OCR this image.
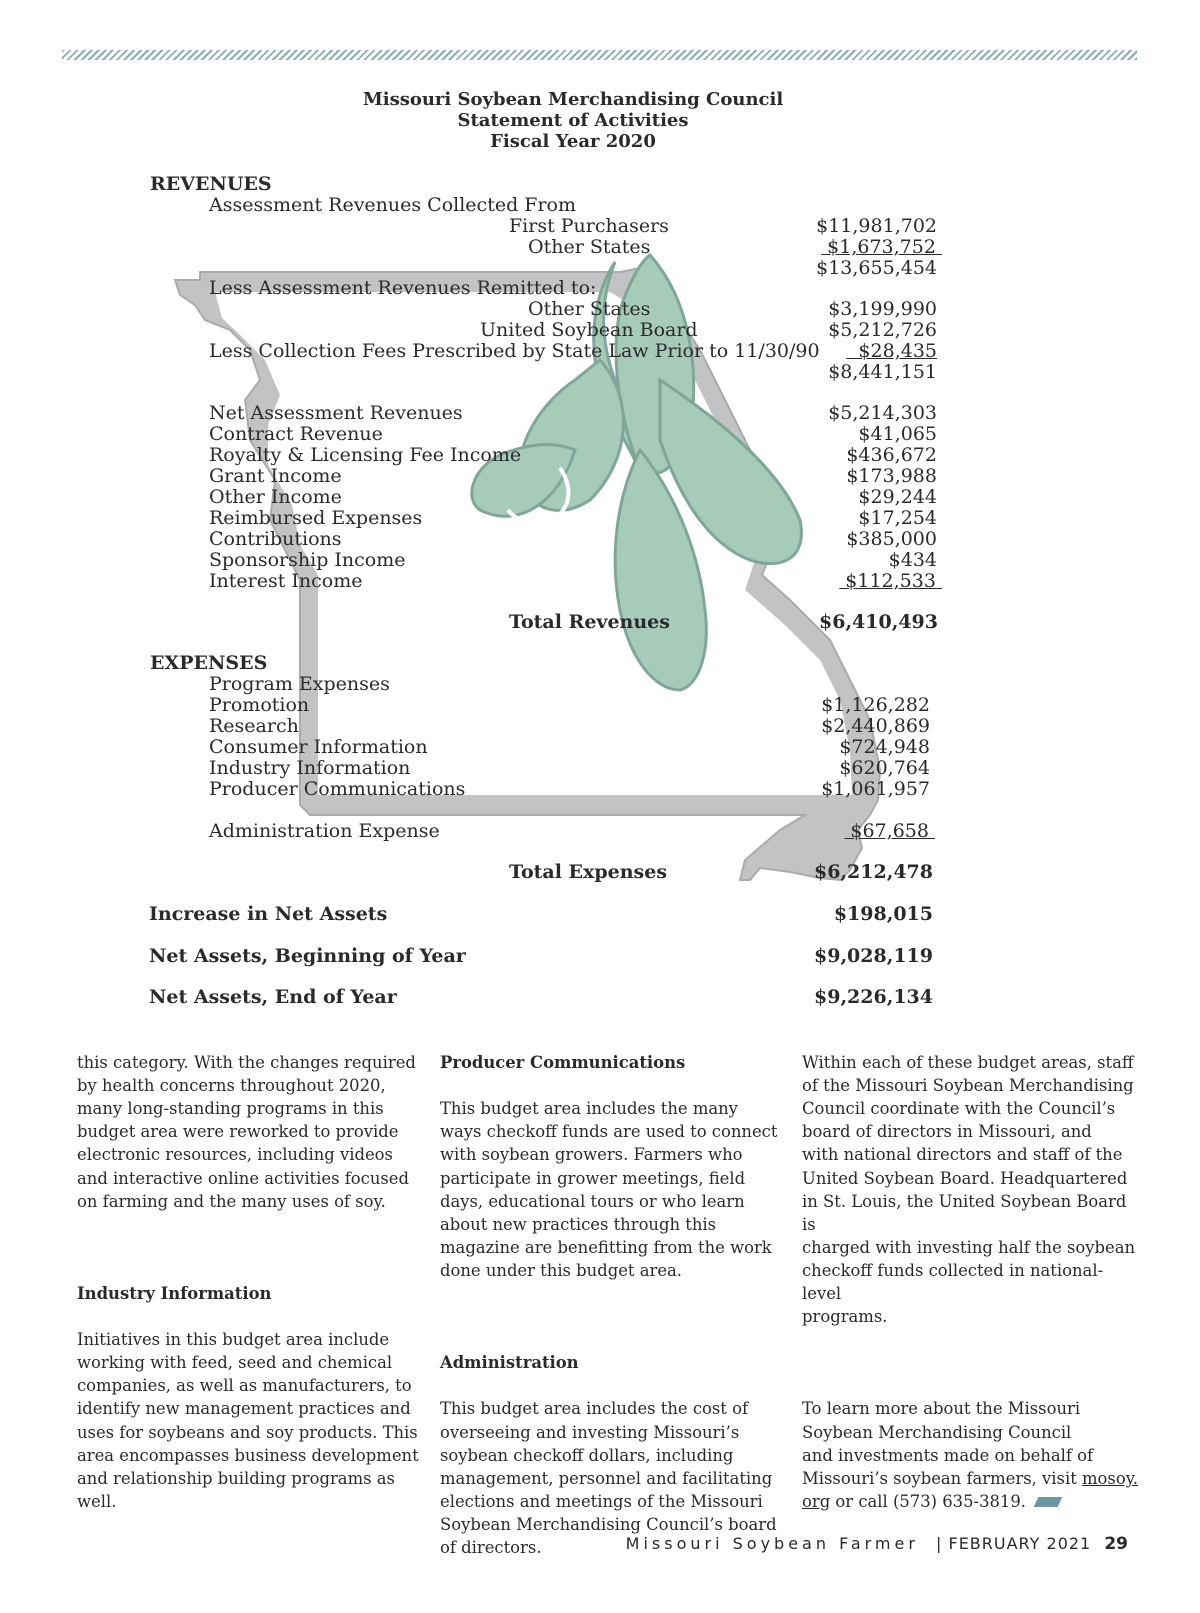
Missouri Soybean Merchandising Council
Statement of Activities
Fiscal Year 2020
REVENUES
Assessment Revenues Collected From
First Purchasers	$11,981,702
Other States	$1,673,752
$13,655,454
Less Assessment Revenues Remitted to:
Other States	$3,199,990
United Soybean Board	$5,212,726
Less Collection Fees Prescribed by State Law Prior to 11/30/90 $28,435
$8,441,151
Net Assessment Revenues	$5,214,303
Contract Revenue	$41,065
Royalty & Licensing Fee Income	$436,672
Grant Income	$173,988
Other Income	$29,244
Reimbursed Expenses	$17,254
Contributions	$385,000
Sponsorship Income	$434
Interest Income	$112,533
Total Revenues	$6,410,493
EXPENSES
Program Expenses
Promotion	$1,126,282
Research	$2,440,869
Consumer Information	$724,948
Industry Information	$620,764
Producer Communications	$1,061,957
Administration Expense	$67,658
Total Expenses	$6,212,478
Increase in Net Assets	$198,015
Net Assets, Beginning of Year	$9,028,119
Net Assets, End of Year	$9,226,134

this category. With the changes required
by health concerns throughout 2020,
many long-standing programs in this
budget area were reworked to provide
electronic resources, including videos
and interactive online activities focused
on farming and the many uses of soy.

Industry Information

Initiatives in this budget area include
working with feed, seed and chemical
companies, as well as manufacturers, to
identify new management practices and
uses for soybeans and soy products. This
area encompasses business development
and relationship building programs as
well.

Producer Communications

This budget area includes the many
ways checkoff funds are used to connect
with soybean growers. Farmers who
participate in grower meetings, field
days, educational tours or who learn
about new practices through this
magazine are benefitting from the work
done under this budget area.

Administration

This budget area includes the cost of
overseeing and investing Missouri’s
soybean checkoff dollars, including
management, personnel and facilitating
elections and meetings of the Missouri
Soybean Merchandising Council’s board
of directors.

Within each of these budget areas, staff
of the Missouri Soybean Merchandising
Council coordinate with the Council’s
board of directors in Missouri, and
with national directors and staff of the
United Soybean Board. Headquartered
in St. Louis, the United Soybean Board is
charged with investing half the soybean
checkoff funds collected in national-level
programs.

To learn more about the Missouri
Soybean Merchandising Council
and investments made on behalf of
Missouri’s soybean farmers, visit mosoy.
org or call (573) 635-3819.

Missouri Soybean Farmer | FEBRUARY 2021 29
